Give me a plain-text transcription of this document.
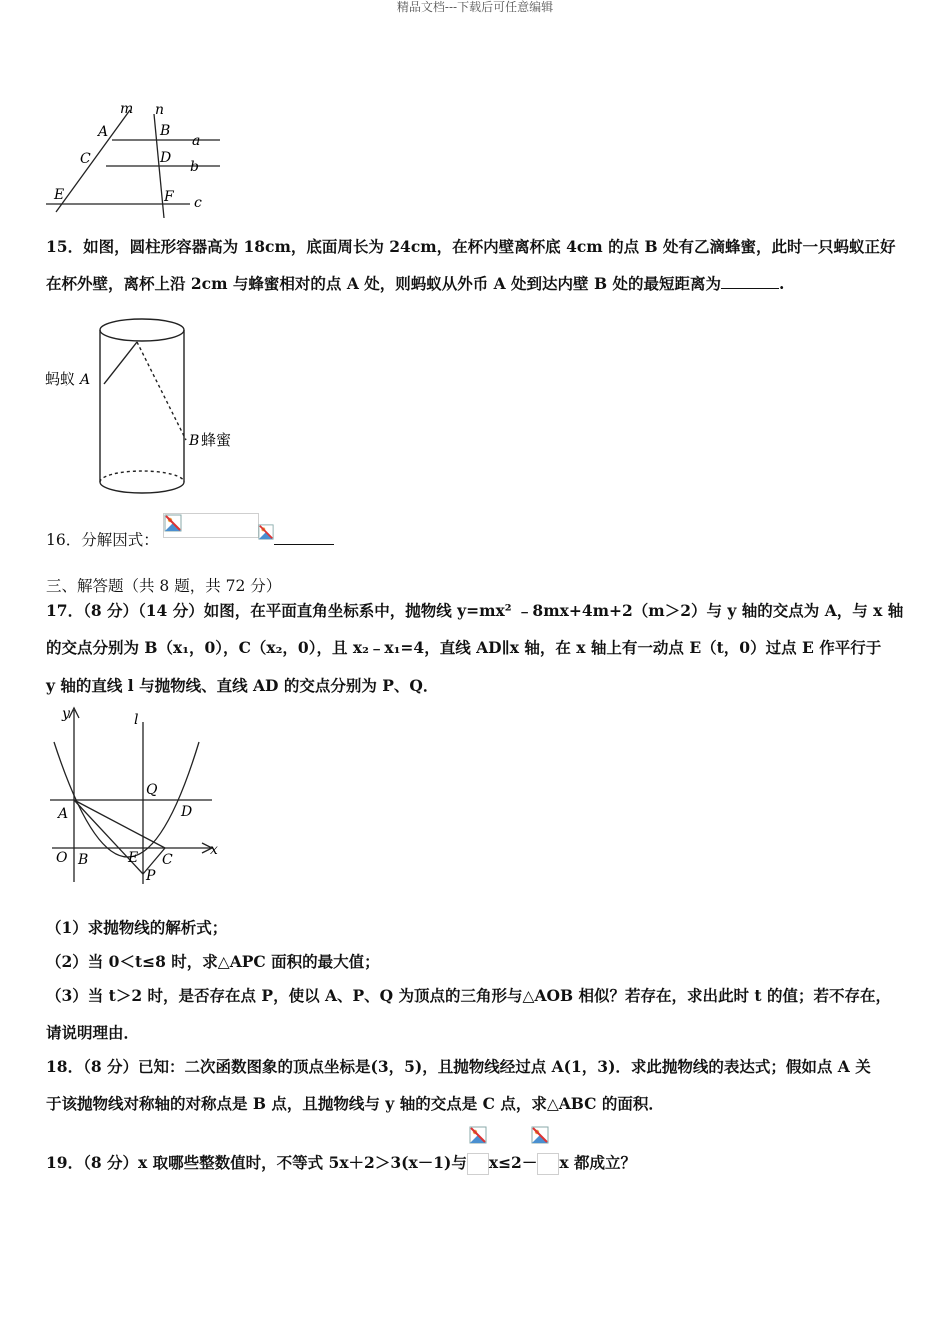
精品文档---下载后可任意编辑
m n
A	B
a
C	D
b
E	F c
15．如图，圆柱形容器高为 18cm，底面周长为 24cm，在杯内壁离杯底 4cm 的点 B 处有乙滴蜂蜜，此时一只蚂蚁正好
在杯外壁，离杯上沿 2cm 与蜂蜜相对的点 A 处，则蚂蚁从外币 A 处到达内壁 B 处的最短距离为	.
蚂蚁 A
B 蜂蜜
16．分解因式：
三、解答题（共 8 题，共 72 分）
17．（8 分）（14 分）如图，在平面直角坐标系中，抛物线 y=mx² ﹣8mx+4m+2（m＞2）与 y 轴的交点为 A，与 x 轴
的交点分别为 B（x₁，0），C（x₂，0），且 x₂﹣x₁=4，直线 AD∥x 轴，在 x 轴上有一动点 E（t，0）过点 E 作平行于
y 轴的直线 l 与抛物线、直线 AD 的交点分别为 P、Q．
y	l
Q
A	D
O B	E C
x
P
（1）求抛物线的解析式；
（2）当 0＜t≤8 时，求△APC 面积的最大值；
（3）当 t＞2 时，是否存在点 P，使以 A、P、Q 为顶点的三角形与△AOB 相似？若存在，求出此时 t 的值；若不存在，
请说明理由．
18．（8 分）已知：二次函数图象的顶点坐标是(3，5)，且抛物线经过点 A(1，3)．求此抛物线的表达式；假如点 A 关
于该抛物线对称轴的对称点是 B 点，且抛物线与 y 轴的交点是 C 点，求△ABC 的面积．
19．（8 分）x 取哪些整数值时，不等式 5x＋2＞3(x－1)与 x≤2－ x 都成立？
